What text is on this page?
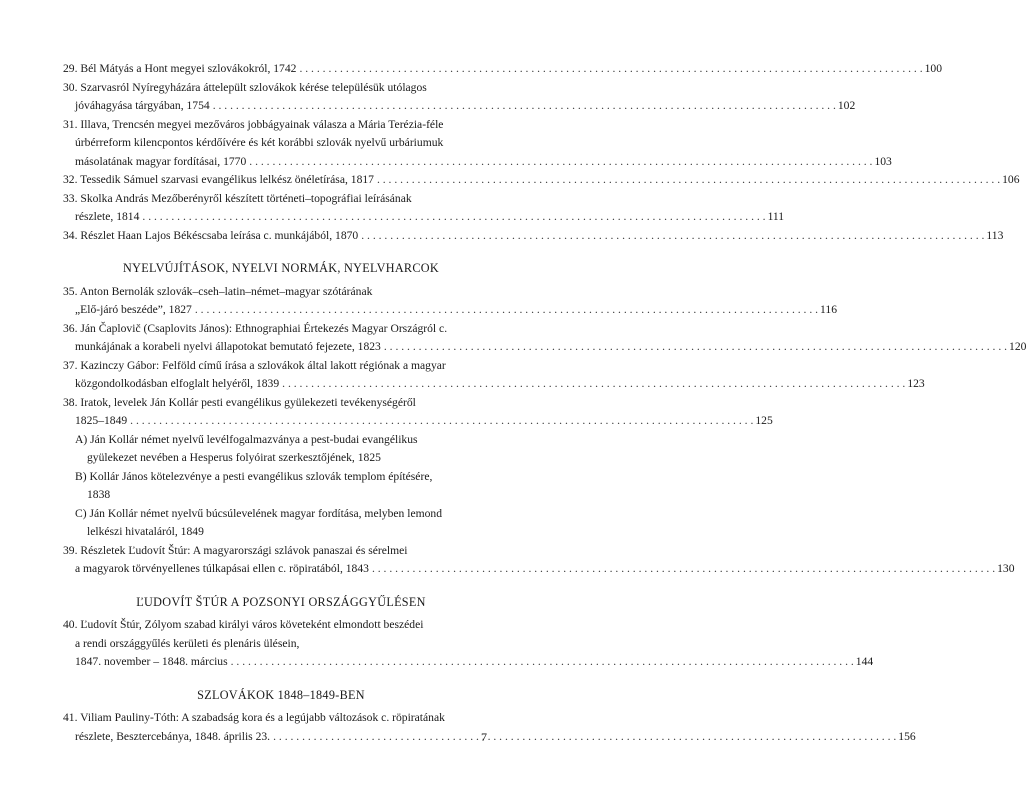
29. Bél Mátyás a Hont megyei szlovákokról, 1742 . . .	100
30. Szarvasról Nyíregyházára áttelepült szlovákok kérése településük utólagos
jóváhagyása tárgyában, 1754 . . .	102
31. Illava, Trencsén megyei mezőváros jobbágyainak válasza a Mária Terézia-féle
úrbérreform kilencpontos kérdőívére és két korábbi szlovák nyelvű urbáriumuk
másolatának magyar fordításai, 1770 . . .	103
32. Tessedik Sámuel szarvasi evangélikus lelkész önéletírása, 1817 . . .	106
33. Skolka András Mezőberényről készített történeti–topográfiai leírásának
részlete, 1814 . . .	111
34. Részlet Haan Lajos Békéscsaba leírása c. munkájából, 1870 . . .	113
NYELVÚJÍTÁSOK, NYELVI NORMÁK, NYELVHARCOK
35. Anton Bernolák szlovák–cseh–latin–német–magyar szótárának
„Elő-járó beszéde”, 1827 . . .	116
36. Ján Čaplovič (Csaplovits János): Ethnographiai Értekezés Magyar Országról c.
munkájának a korabeli nyelvi állapotokat bemutató fejezete, 1823 . . .	120
37. Kazinczy Gábor: Felföld című írása a szlovákok által lakott régiónak a magyar
közgondolkodásban elfoglalt helyéről, 1839 . . .	123
38. Iratok, levelek Ján Kollár pesti evangélikus gyülekezeti tevékenységéről
1825–1849 . . .	125
A) Ján Kollár német nyelvű levélfogalmazványa a pest-budai evangélikus
gyülekezet nevében a Hesperus folyóirat szerkesztőjének, 1825
B) Kollár János kötelezvénye a pesti evangélikus szlovák templom építésére,
1838
C) Ján Kollár német nyelvű búcsúlevelének magyar fordítása, melyben lemond
lelkészi hivataláról, 1849
39. Részletek Ľudovít Štúr: A magyarországi szlávok panaszai és sérelmei
a magyarok törvényellenes túlkapásai ellen c. röpiratából, 1843 . . .	130
ĽUDOVÍT ŠTÚR A POZSONYI ORSZÁGGYŰLÉSEN
40. Ľudovít Štúr, Zólyom szabad királyi város követeként elmondott beszédei
a rendi országgyűlés kerületi és plenáris ülésein,
1847. november – 1848. március . . .	144
SZLOVÁKOK 1848–1849-BEN
41. Viliam Pauliny-Tóth: A szabadság kora és a legújabb változások c. röpiratának
részlete, Besztercebánya, 1848. április 23. . . .	156
7
